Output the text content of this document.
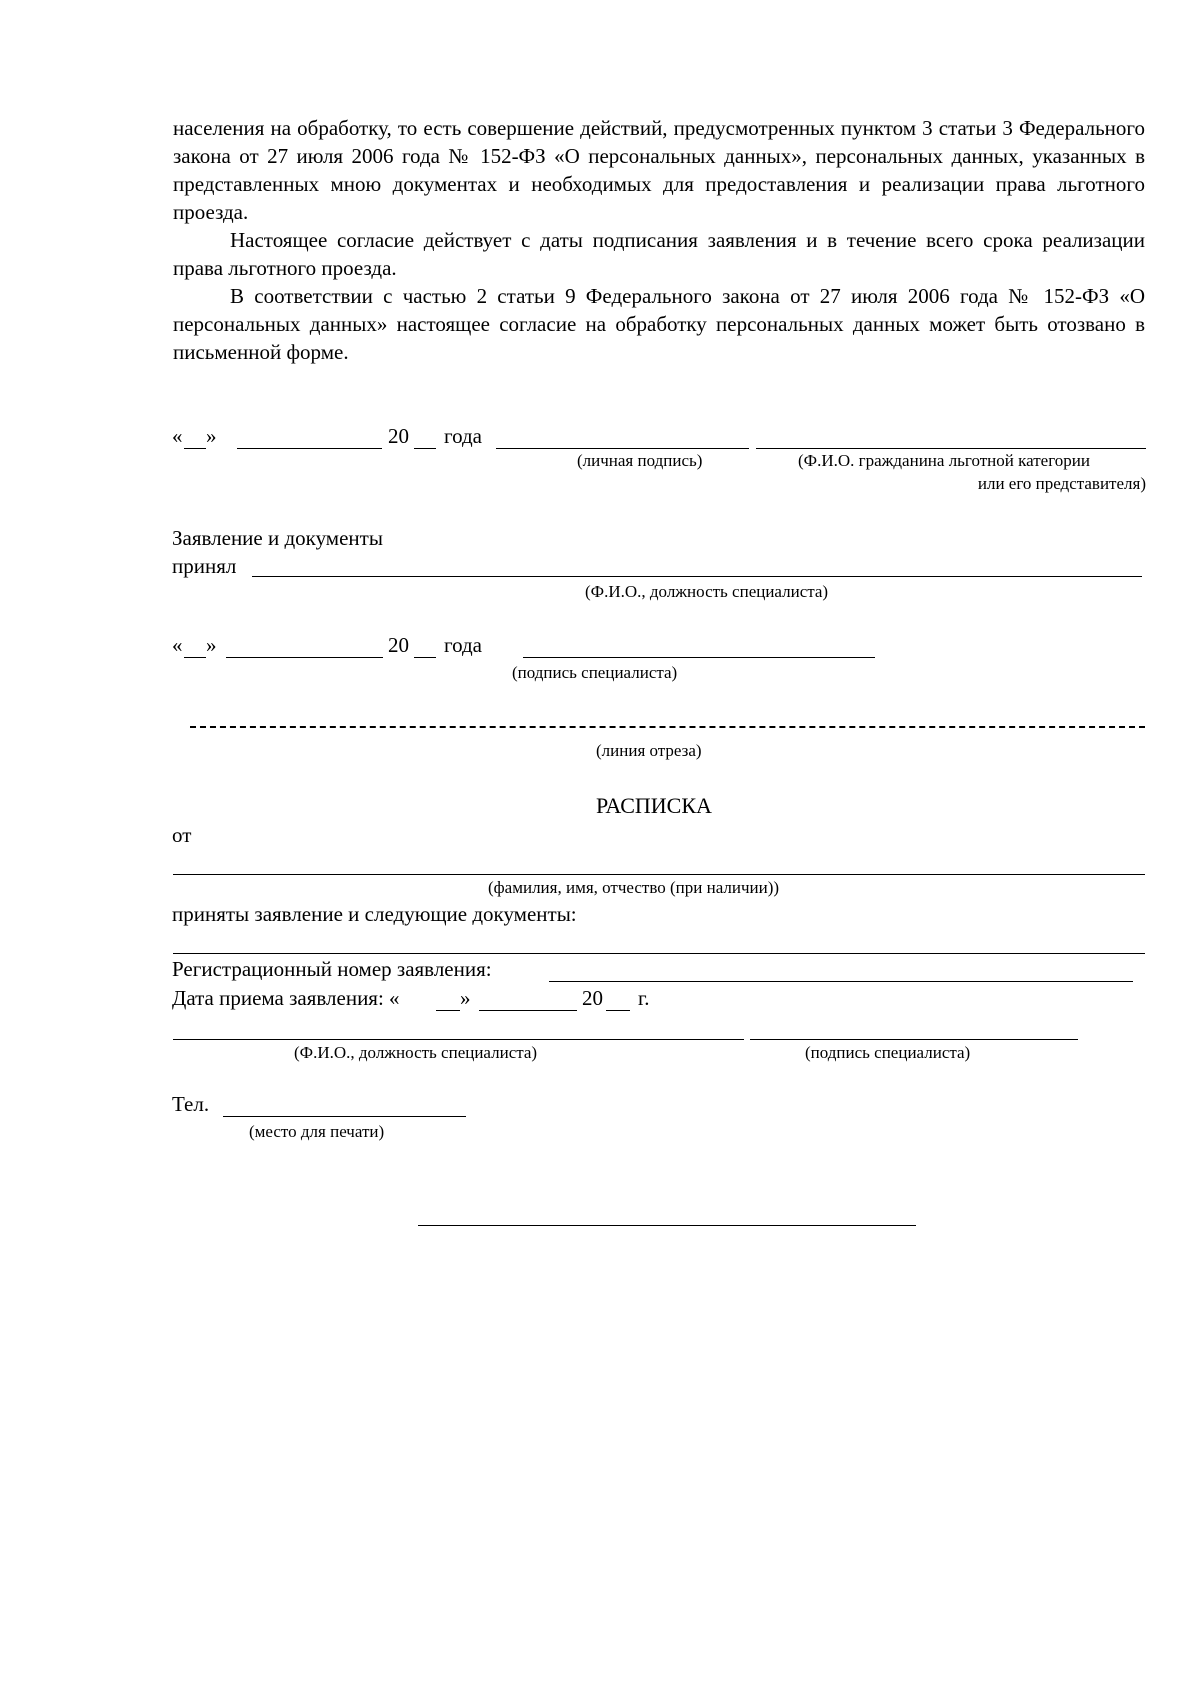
населения на обработку, то есть совершение действий, предусмотренных пунктом 3 статьи 3 Федерального закона от 27 июля 2006 года № 152-ФЗ «О персональных данных», персональных данных, указанных в представленных мною документах и необходимых для предоставления и реализации права льготного проезда.

Настоящее согласие действует с даты подписания заявления и в течение всего срока реализации права льготного проезда.

В соответствии с частью 2 статьи 9 Федерального закона от 27 июля 2006 года № 152-ФЗ «О персональных данных» настоящее согласие на обработку персональных данных может быть отозвано в письменной форме.

« »	20 года
(личная подпись)	(Ф.И.О. гражданина льготной категории
или его представителя)
Заявление и документы
принял
(Ф.И.О., должность специалиста)
« »	20 года
(подпись специалиста)
(линия отреза)
РАСПИСКА
от
(фамилия, имя, отчество (при наличии))
приняты заявление и следующие документы:
Регистрационный номер заявления:
Дата приема заявления: «	»	20 г.
(Ф.И.О., должность специалиста)	(подпись специалиста)
Тел.
(место для печати)
